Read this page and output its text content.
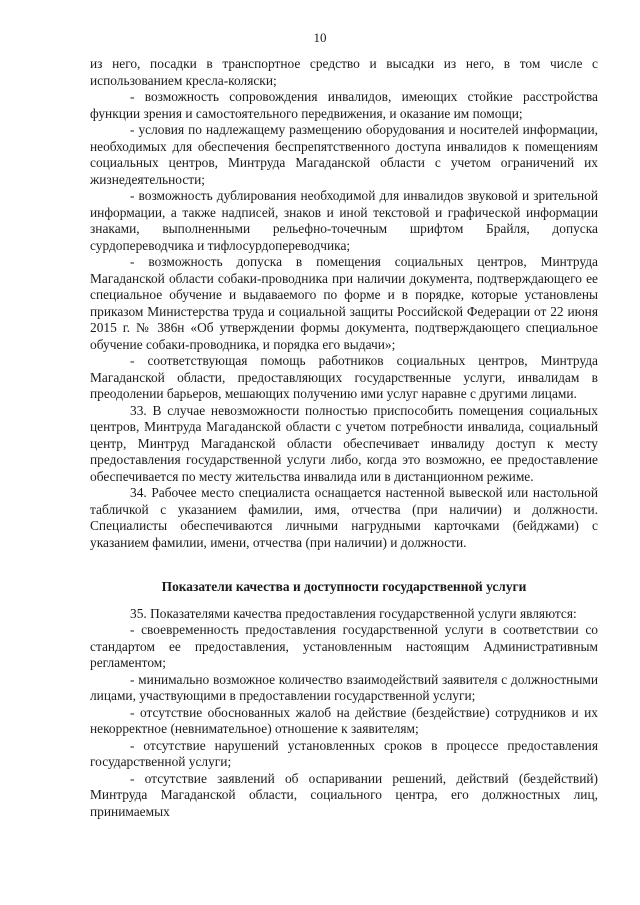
10

из него, посадки в транспортное средство и высадки из него, в том числе с использованием кресла-коляски;

- возможность сопровождения инвалидов, имеющих стойкие расстройства функции зрения и самостоятельного передвижения, и оказание им помощи;

- условия по надлежащему размещению оборудования и носителей информации, необходимых для обеспечения беспрепятственного доступа инвалидов к помещениям социальных центров, Минтруда Магаданской области с учетом ограничений их жизнедеятельности;

- возможность дублирования необходимой для инвалидов звуковой и зрительной информации, а также надписей, знаков и иной текстовой и графической информации знаками, выполненными рельефно-точечным шрифтом Брайля, допуска сурдопереводчика и тифлосурдопереводчика;

- возможность допуска в помещения социальных центров, Минтруда Магаданской области собаки-проводника при наличии документа, подтверждающего ее специальное обучение и выдаваемого по форме и в порядке, которые установлены приказом Министерства труда и социальной защиты Российской Федерации от 22 июня 2015 г. № 386н «Об утверждении формы документа, подтверждающего специальное обучение собаки-проводника, и порядка его выдачи»;

- соответствующая помощь работников социальных центров, Минтруда Магаданской области, предоставляющих государственные услуги, инвалидам в преодолении барьеров, мешающих получению ими услуг наравне с другими лицами.

33. В случае невозможности полностью приспособить помещения социальных центров, Минтруда Магаданской области с учетом потребности инвалида, социальный центр, Минтруд Магаданской области обеспечивает инвалиду доступ к месту предоставления государственной услуги либо, когда это возможно, ее предоставление обеспечивается по месту жительства инвалида или в дистанционном режиме.

34. Рабочее место специалиста оснащается настенной вывеской или настольной табличкой с указанием фамилии, имя, отчества (при наличии) и должности. Специалисты обеспечиваются личными нагрудными карточками (бейджами) с указанием фамилии, имени, отчества (при наличии) и должности.

Показатели качества и доступности государственной услуги

35. Показателями качества предоставления государственной услуги являются:

- своевременность предоставления государственной услуги в соответствии со стандартом ее предоставления, установленным настоящим Административным регламентом;

- минимально возможное количество взаимодействий заявителя с должностными лицами, участвующими в предоставлении государственной услуги;

- отсутствие обоснованных жалоб на действие (бездействие) сотрудников и их некорректное (невнимательное) отношение к заявителям;

- отсутствие нарушений установленных сроков в процессе предоставления государственной услуги;

- отсутствие заявлений об оспаривании решений, действий (бездействий) Минтруда Магаданской области, социального центра, его должностных лиц, принимаемых
